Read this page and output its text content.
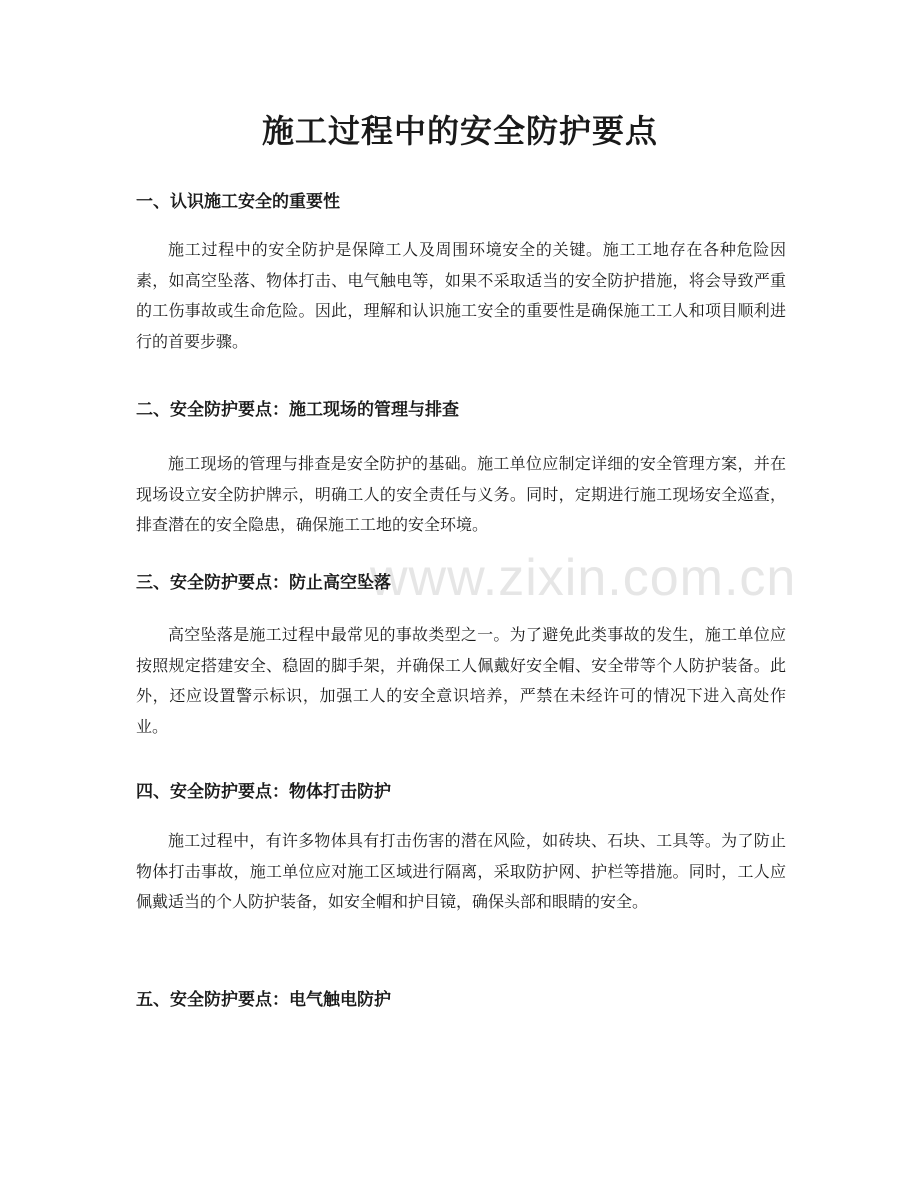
www.zixin.com.cn
施工过程中的安全防护要点
一、认识施工安全的重要性

施工过程中的安全防护是保障工人及周围环境安全的关键。施工工地存在各种危险因素，如高空坠落、物体打击、电气触电等，如果不采取适当的安全防护措施，将会导致严重的工伤事故或生命危险。因此，理解和认识施工安全的重要性是确保施工工人和项目顺利进行的首要步骤。

二、安全防护要点：施工现场的管理与排查

施工现场的管理与排查是安全防护的基础。施工单位应制定详细的安全管理方案，并在现场设立安全防护牌示，明确工人的安全责任与义务。同时，定期进行施工现场安全巡查，排查潜在的安全隐患，确保施工工地的安全环境。

三、安全防护要点：防止高空坠落

高空坠落是施工过程中最常见的事故类型之一。为了避免此类事故的发生，施工单位应按照规定搭建安全、稳固的脚手架，并确保工人佩戴好安全帽、安全带等个人防护装备。此外，还应设置警示标识，加强工人的安全意识培养，严禁在未经许可的情况下进入高处作业。

四、安全防护要点：物体打击防护

施工过程中，有许多物体具有打击伤害的潜在风险，如砖块、石块、工具等。为了防止物体打击事故，施工单位应对施工区域进行隔离，采取防护网、护栏等措施。同时，工人应佩戴适当的个人防护装备，如安全帽和护目镜，确保头部和眼睛的安全。

五、安全防护要点：电气触电防护
